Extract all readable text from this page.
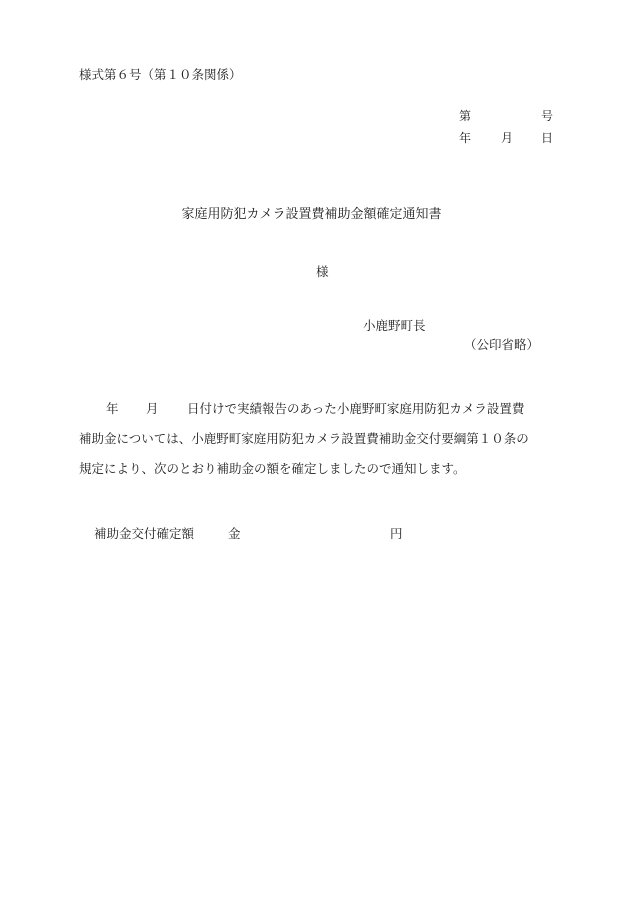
様式第６号（第１０条関係）
第	号
年 月 日
家庭用防犯カメラ設置費補助金額確定通知書
様
小鹿野町長
（公印省略）
年 月 日付けで実績報告のあった小鹿野町家庭用防犯カメラ設置費
補助金については、小鹿野町家庭用防犯カメラ設置費補助金交付要綱第１０条の
規定により、次のとおり補助金の額を確定しましたので通知します。
補助金交付確定額	金	円
